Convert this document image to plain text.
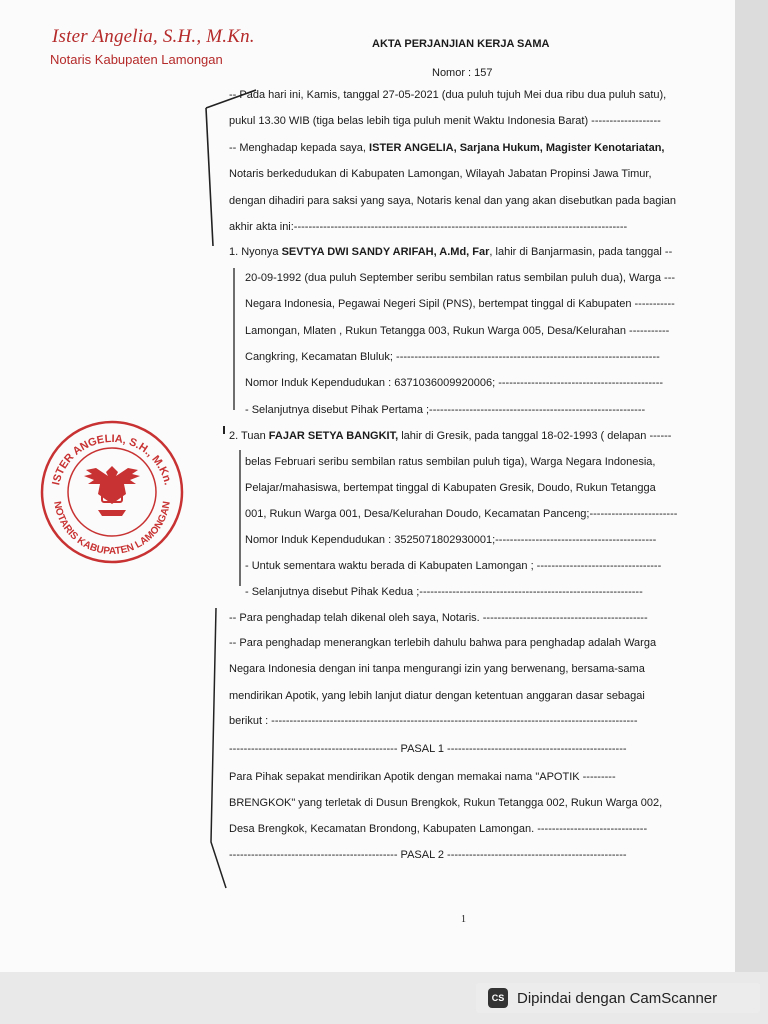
Ister Angelia, S.H., M.Kn.
Notaris Kabupaten Lamongan
AKTA PERJANJIAN KERJA SAMA
Nomor : 157
-- Pada hari ini, Kamis, tanggal 27-05-2021 (dua puluh tujuh Mei dua ribu dua puluh satu),
pukul 13.30 WIB (tiga belas lebih tiga puluh menit Waktu Indonesia Barat) -------------------
-- Menghadap kepada saya, ISTER ANGELIA, Sarjana Hukum, Magister Kenotariatan,
Notaris berkedudukan di Kabupaten Lamongan, Wilayah Jabatan Propinsi Jawa Timur,
dengan dihadiri para saksi yang saya, Notaris kenal dan yang akan disebutkan pada bagian
akhir akta ini:-------------------------------------------------------------------------------------------
1. Nyonya SEVTYA DWI SANDY ARIFAH, A.Md, Far, lahir di Banjarmasin, pada tanggal --
20-09-1992 (dua puluh September seribu sembilan ratus sembilan puluh dua), Warga ---
Negara Indonesia, Pegawai Negeri Sipil (PNS), bertempat tinggal di Kabupaten -----------
Lamongan, Mlaten , Rukun Tetangga 003, Rukun Warga 005, Desa/Kelurahan -----------
Cangkring, Kecamatan Bluluk; ------------------------------------------------------------------------
Nomor Induk Kependudukan : 6371036009920006; ---------------------------------------------
- Selanjutnya disebut Pihak Pertama ;-----------------------------------------------------------
2. Tuan FAJAR SETYA BANGKIT, lahir di Gresik, pada tanggal 18-02-1993 ( delapan ------
belas Februari seribu sembilan ratus sembilan puluh tiga), Warga Negara Indonesia,
Pelajar/mahasiswa, bertempat tinggal di Kabupaten Gresik, Doudo, Rukun Tetangga
001, Rukun Warga 001, Desa/Kelurahan Doudo, Kecamatan Panceng;------------------------
Nomor Induk Kependudukan : 3525071802930001;--------------------------------------------
- Untuk sementara waktu berada di Kabupaten Lamongan ; ----------------------------------
- Selanjutnya disebut Pihak Kedua ;-------------------------------------------------------------
-- Para penghadap telah dikenal oleh saya, Notaris. ---------------------------------------------
-- Para penghadap menerangkan terlebih dahulu bahwa para penghadap adalah Warga
Negara Indonesia dengan ini tanpa mengurangi izin yang berwenang, bersama-sama
mendirikan Apotik, yang lebih lanjut diatur dengan ketentuan anggaran dasar sebagai
berikut : ----------------------------------------------------------------------------------------------------
---------------------------------------------- PASAL 1 -------------------------------------------------
Para Pihak sepakat mendirikan Apotik dengan memakai nama "APOTIK ---------
BRENGKOK" yang terletak di Dusun Brengkok, Rukun Tetangga 002, Rukun Warga 002,
Desa Brengkok, Kecamatan Brondong, Kabupaten Lamongan. ------------------------------
---------------------------------------------- PASAL 2 -------------------------------------------------
ISTER ANGELIA, S.H., M.Kn.
NOTARIS KABUPATEN LAMONGAN
1
CS Dipindai dengan CamScanner
